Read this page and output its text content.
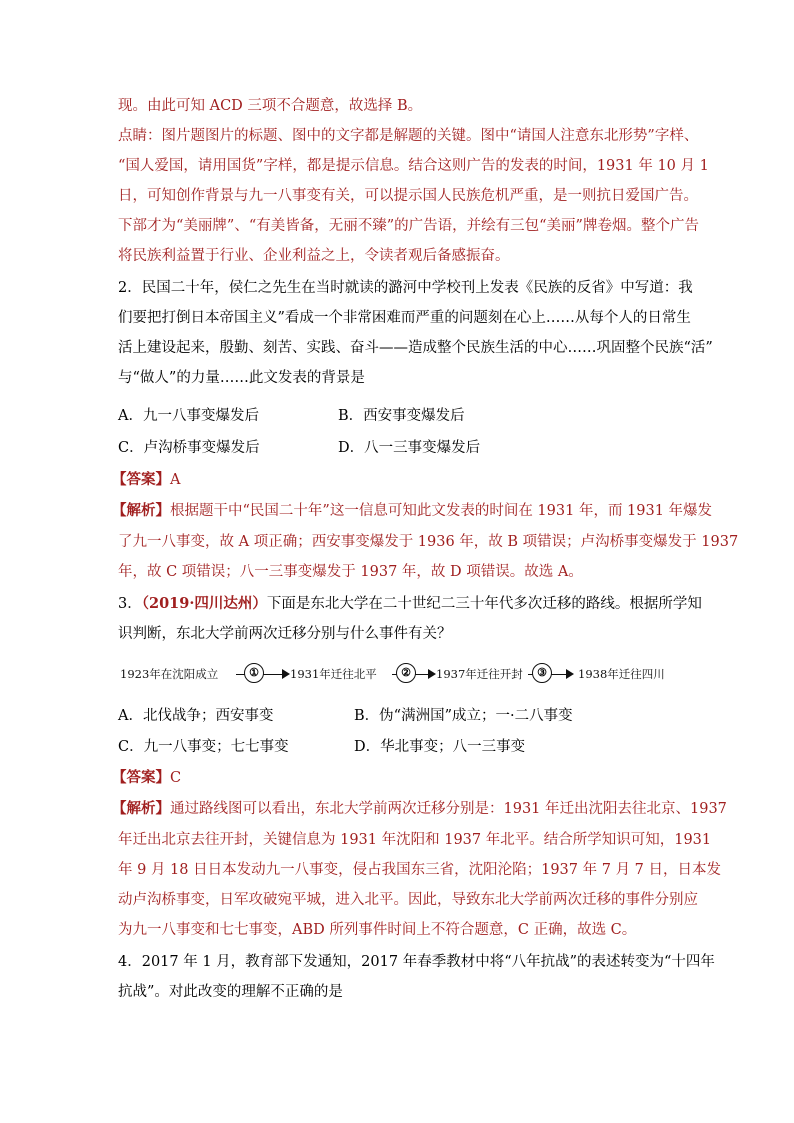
现。由此可知 ACD 三项不合题意，故选择 B。
点睛：图片题图片的标题、图中的文字都是解题的关键。图中“请国人注意东北形势”字样、
“国人爱国，请用国货”字样，都是提示信息。结合这则广告的发表的时间，1931 年 10 月 1
日，可知创作背景与九一八事变有关，可以提示国人民族危机严重，是一则抗日爱国广告。
下部才为“美丽牌”、“有美皆备，无丽不臻”的广告语，并绘有三包“美丽”牌卷烟。整个广告
将民族利益置于行业、企业利益之上，令读者观后备感振奋。
2．民国二十年，侯仁之先生在当时就读的潞河中学校刊上发表《民族的反省》中写道：我
们要把打倒日本帝国主义”看成一个非常困难而严重的问题刻在心上……从每个人的日常生
活上建设起来，殷勤、刻苦、实践、奋斗——造成整个民族生活的中心……巩固整个民族“活”
与“做人”的力量……此文发表的背景是
A．九一八事变爆发后	B．西安事变爆发后
C．卢沟桥事变爆发后	D．八一三事变爆发后
【答案】A
【解析】根据题干中“民国二十年”这一信息可知此文发表的时间在 1931 年，而 1931 年爆发
了九一八事变，故 A 项正确；西安事变爆发于 1936 年，故 B 项错误；卢沟桥事变爆发于 1937
年，故 C 项错误；八一三事变爆发于 1937 年，故 D 项错误。故选 A。
3．（2019·四川达州）下面是东北大学在二十世纪二三十年代多次迁移的路线。根据所学知
识判断，东北大学前两次迁移分别与什么事件有关？
1923年在沈阳成立	①	1931年迁往北平	②	1937年迁往开封	③	1938年迁往四川
A．北伐战争；西安事变	B．伪“满洲国”成立；一·二八事变
C．九一八事变；七七事变	D．华北事变；八一三事变
【答案】C
【解析】通过路线图可以看出，东北大学前两次迁移分别是：1931 年迁出沈阳去往北京、1937
年迁出北京去往开封，关键信息为 1931 年沈阳和 1937 年北平。结合所学知识可知，1931
年 9 月 18 日日本发动九一八事变，侵占我国东三省，沈阳沦陷；1937 年 7 月 7 日，日本发
动卢沟桥事变，日军攻破宛平城，进入北平。因此，导致东北大学前两次迁移的事件分别应
为九一八事变和七七事变，ABD 所列事件时间上不符合题意，C 正确，故选 C。
4．2017 年 1 月，教育部下发通知，2017 年春季教材中将“八年抗战”的表述转变为“十四年
抗战”。对此改变的理解不正确的是
